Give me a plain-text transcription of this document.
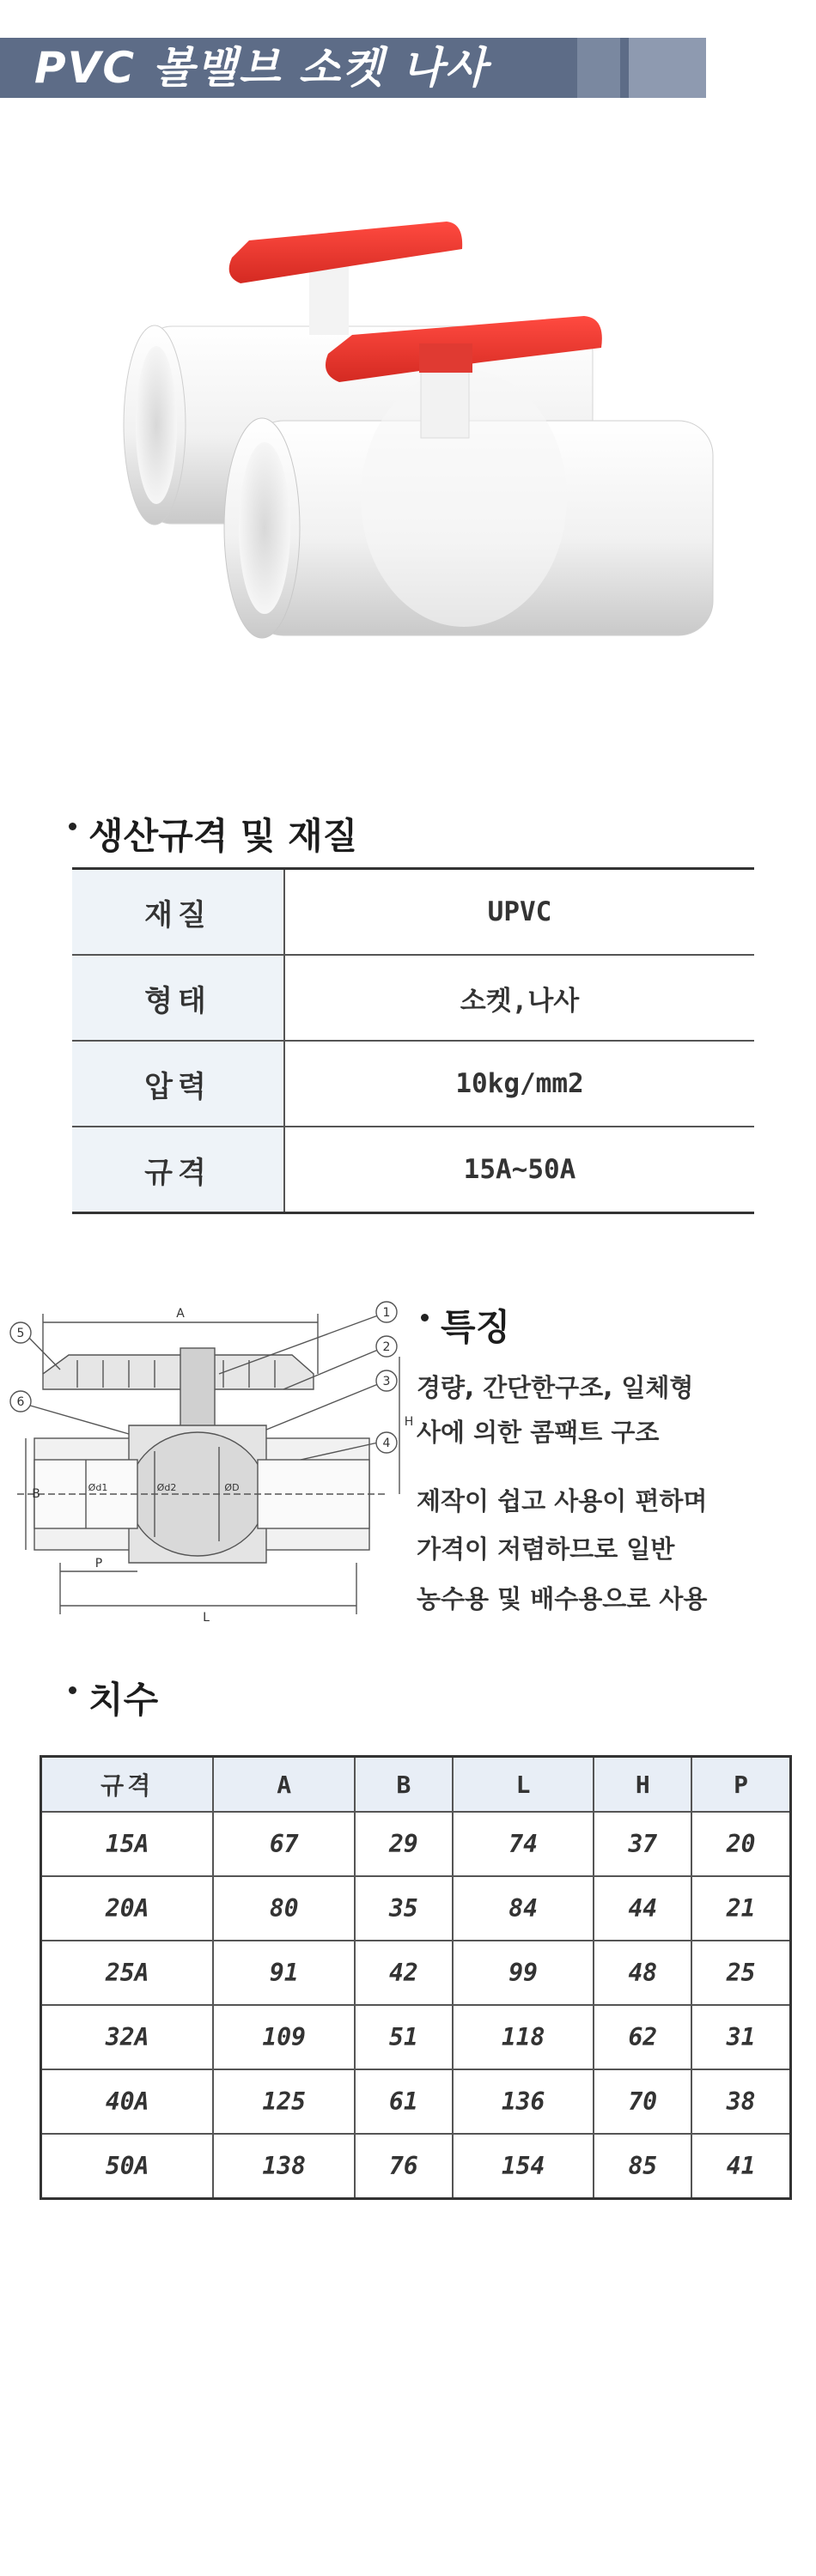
PVC 볼밸브 소켓 나사
생산규격 및 재질
재질	UPVC
형태	소켓,나사
압력	10kg/mm2
규격	15A~50A
1
2
3
4
5
6
A
L
P
B
H
Ød1	Ød2	ØD
특징
경량, 간단한구조, 일체형
사에 의한 콤팩트 구조
제작이 쉽고 사용이 편하며
가격이 저렴하므로 일반
농수용 및 배수용으로 사용
치수
규격	A	B	L	H	P
15A	67	29	74	37	20
20A	80	35	84	44	21
25A	91	42	99	48	25
32A	109	51	118	62	31
40A	125	61	136	70	38
50A	138	76	154	85	41
